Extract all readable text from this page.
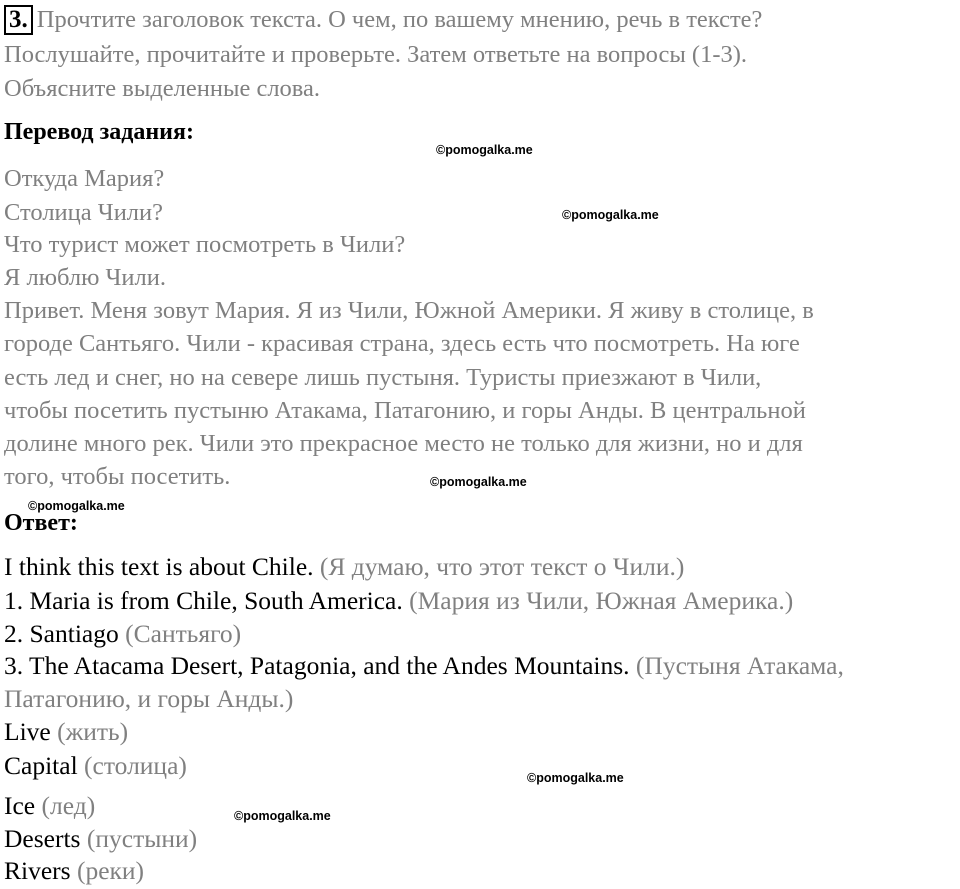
3. Прочтите заголовок текста. О чем, по вашему мнению, речь в тексте?
Послушайте, прочитайте и проверьте. Затем ответьте на вопросы (1-3).
Объясните выделенные слова.
Перевод задания:
Откуда Мария?
Столица Чили?
Что турист может посмотреть в Чили?
Я люблю Чили.
Привет. Меня зовут Мария. Я из Чили, Южной Америки. Я живу в столице, в
городе Сантьяго. Чили - красивая страна, здесь есть что посмотреть. На юге
есть лед и снег, но на севере лишь пустыня. Туристы приезжают в Чили,
чтобы посетить пустыню Атакама, Патагонию, и горы Анды. В центральной
долине много рек. Чили это прекрасное место не только для жизни, но и для
того, чтобы посетить.
Ответ:
I think this text is about Chile. (Я думаю, что этот текст о Чили.)
1. Maria is from Chile, South America. (Мария из Чили, Южная Америка.)
2. Santiago (Сантьяго)
3. The Atacama Desert, Patagonia, and the Andes Mountains. (Пустыня Атакама,
Патагонию, и горы Анды.)
Live (жить)
Capital (столица)
Ice (лед)
Deserts (пустыни)
Rivers (реки)
©pomogalka.me
©pomogalka.me
©pomogalka.me
©pomogalka.me
©pomogalka.me
©pomogalka.me
